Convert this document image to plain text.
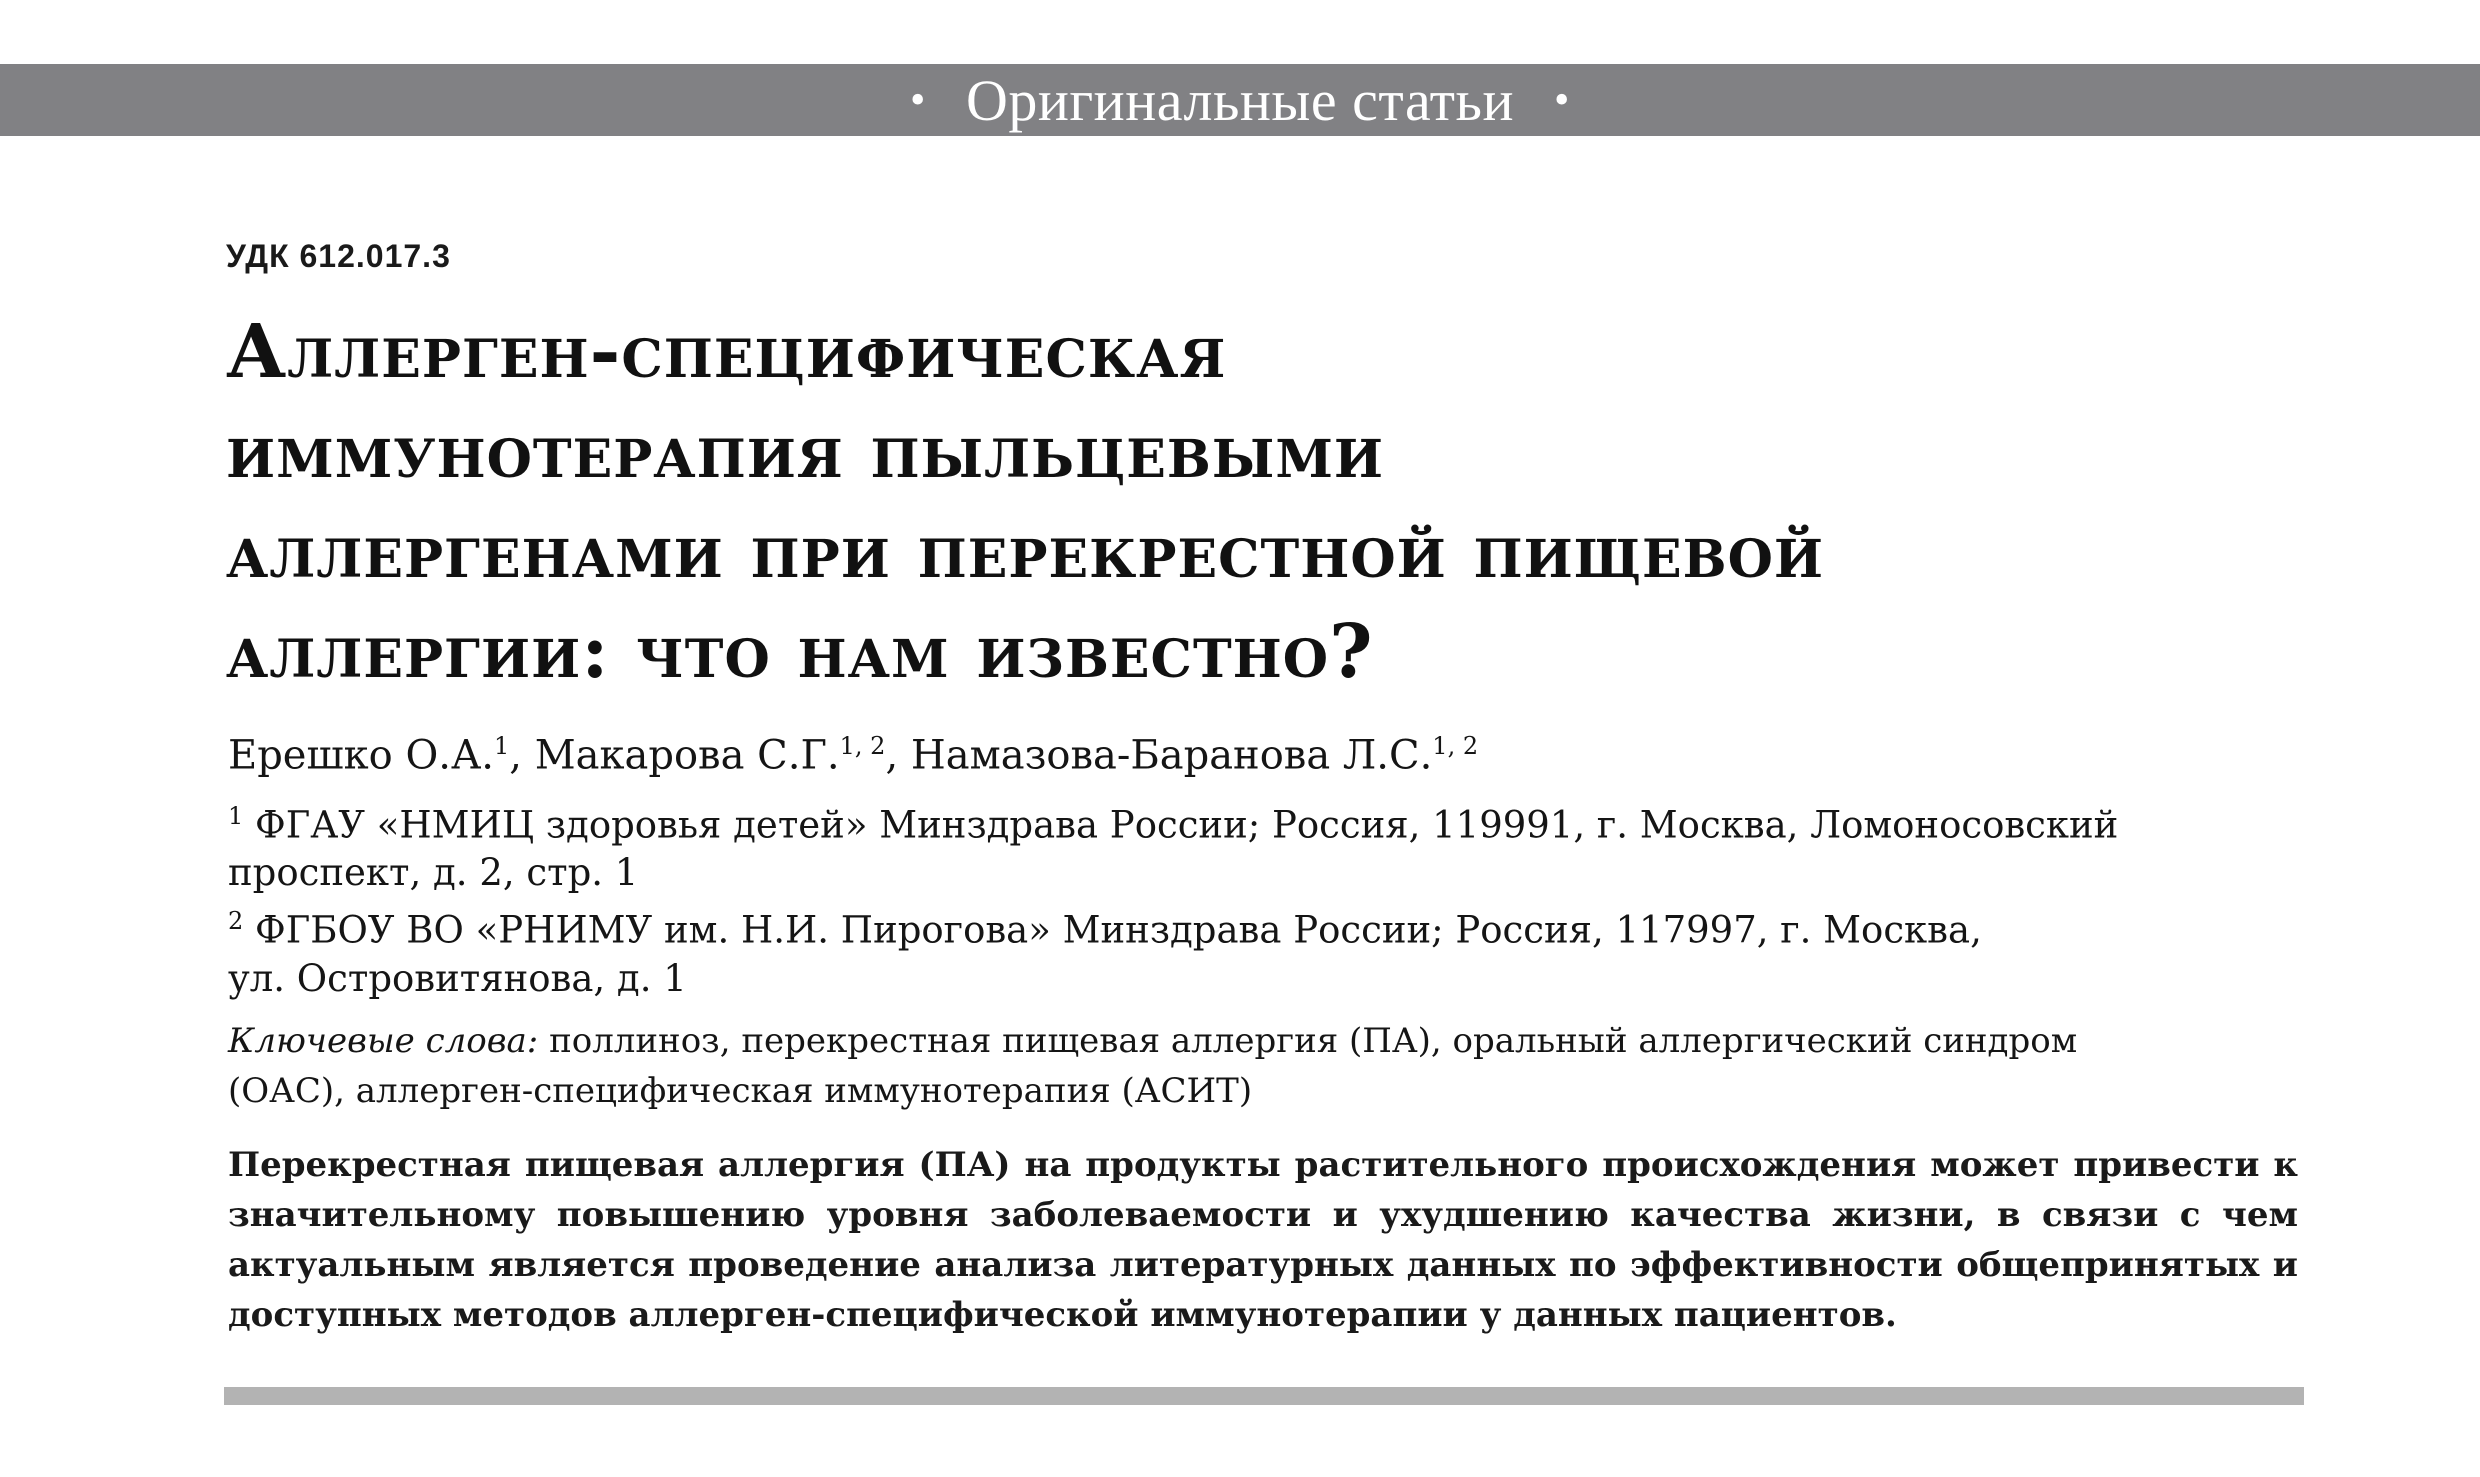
• Оригинальные статьи •
УДК 612.017.3
Аллерген-специфическая
иммунотерапия пыльцевыми
аллергенами при перекрестной пищевой
аллергии: что нам известно?
Ерешко О.А.$^1$, Макарова С.Г.$^{1, 2}$, Намазова-Баранова Л.С.$^{1, 2}$

$^1$ ФГАУ «НМИЦ здоровья детей» Минздрава России; Россия, 119991, г. Москва, Ломоносовский
проспект, д. 2, стр. 1

$^2$ ФГБОУ ВО «РНИМУ им. Н.И. Пирогова» Минздрава России; Россия, 117997, г. Москва,
ул. Островитянова, д. 1

Ключевые слова: поллиноз, перекрестная пищевая аллергия (ПА), оральный аллергический синдром
(ОАС), аллерген-специфическая иммунотерапия (АСИТ)
Перекрестная пищевая аллергия (ПА) на продукты растительного происхождения может привести к значительному повышению уровня заболеваемости и ухудшению качества жизни, в связи с чем актуальным является проведение анализа литературных данных по эффективности общепринятых и доступных методов аллерген-специфической иммунотерапии у данных пациентов.
